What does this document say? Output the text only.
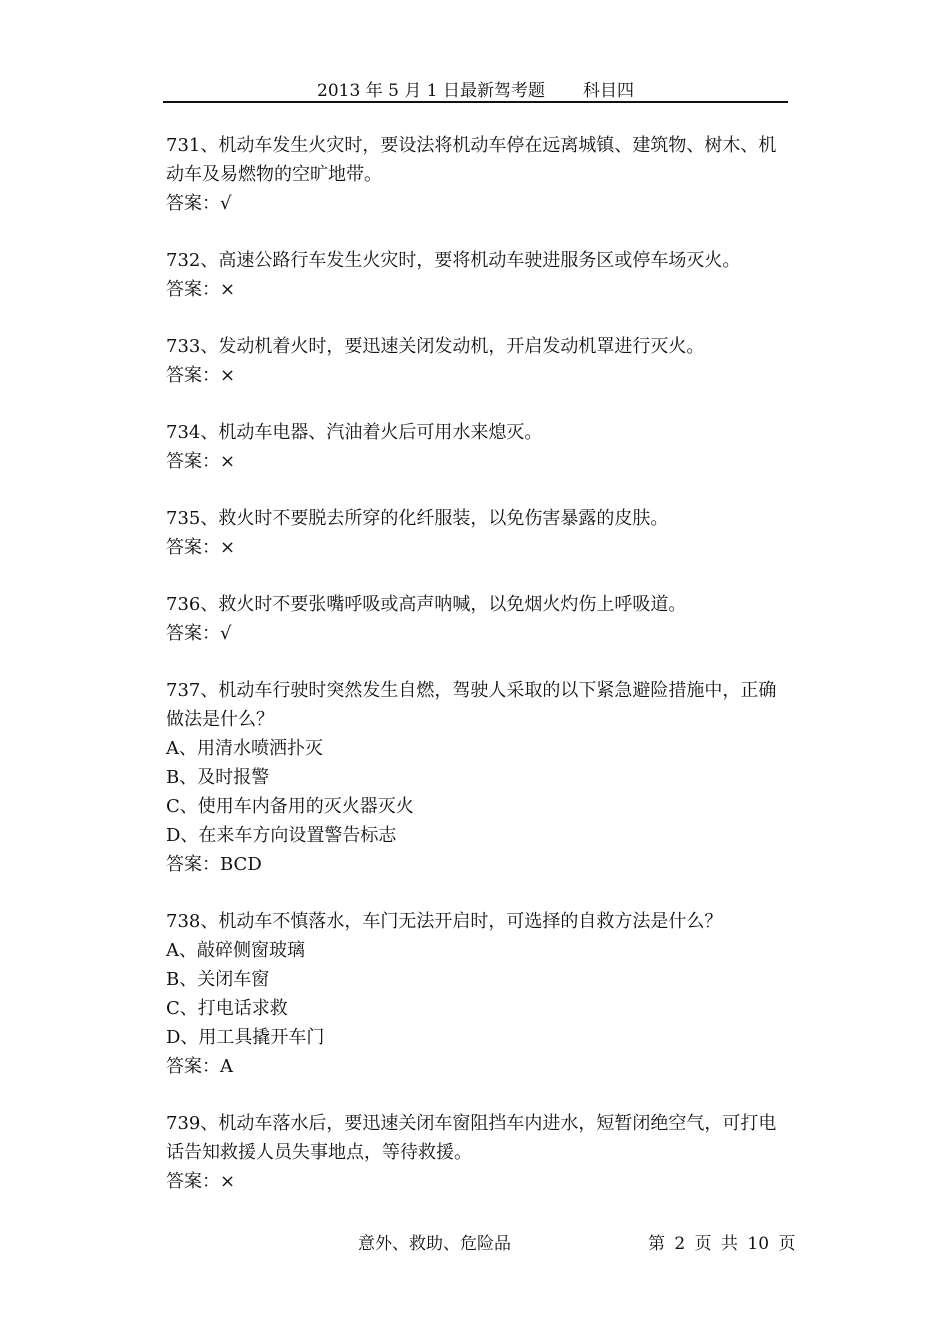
2013 年 5 月 1 日最新驾考题 科目四

731、机动车发生火灾时，要设法将机动车停在远离城镇、建筑物、树木、机动车及易燃物的空旷地带。

答案：√

732、高速公路行车发生火灾时，要将机动车驶进服务区或停车场灭火。

答案：×

733、发动机着火时，要迅速关闭发动机，开启发动机罩进行灭火。

答案：×

734、机动车电器、汽油着火后可用水来熄灭。

答案：×

735、救火时不要脱去所穿的化纤服装，以免伤害暴露的皮肤。

答案：×

736、救火时不要张嘴呼吸或高声呐喊，以免烟火灼伤上呼吸道。

答案：√

737、机动车行驶时突然发生自燃，驾驶人采取的以下紧急避险措施中，正确做法是什么？

A、用清水喷洒扑灭

B、及时报警

C、使用车内备用的灭火器灭火

D、在来车方向设置警告标志

答案：BCD

738、机动车不慎落水，车门无法开启时，可选择的自救方法是什么？

A、敲碎侧窗玻璃

B、关闭车窗

C、打电话求救

D、用工具撬开车门

答案：A

739、机动车落水后，要迅速关闭车窗阻挡车内进水，短暂闭绝空气，可打电话告知救援人员失事地点，等待救援。

答案：×

意外、救助、危险品	第 2 页 共 10 页
